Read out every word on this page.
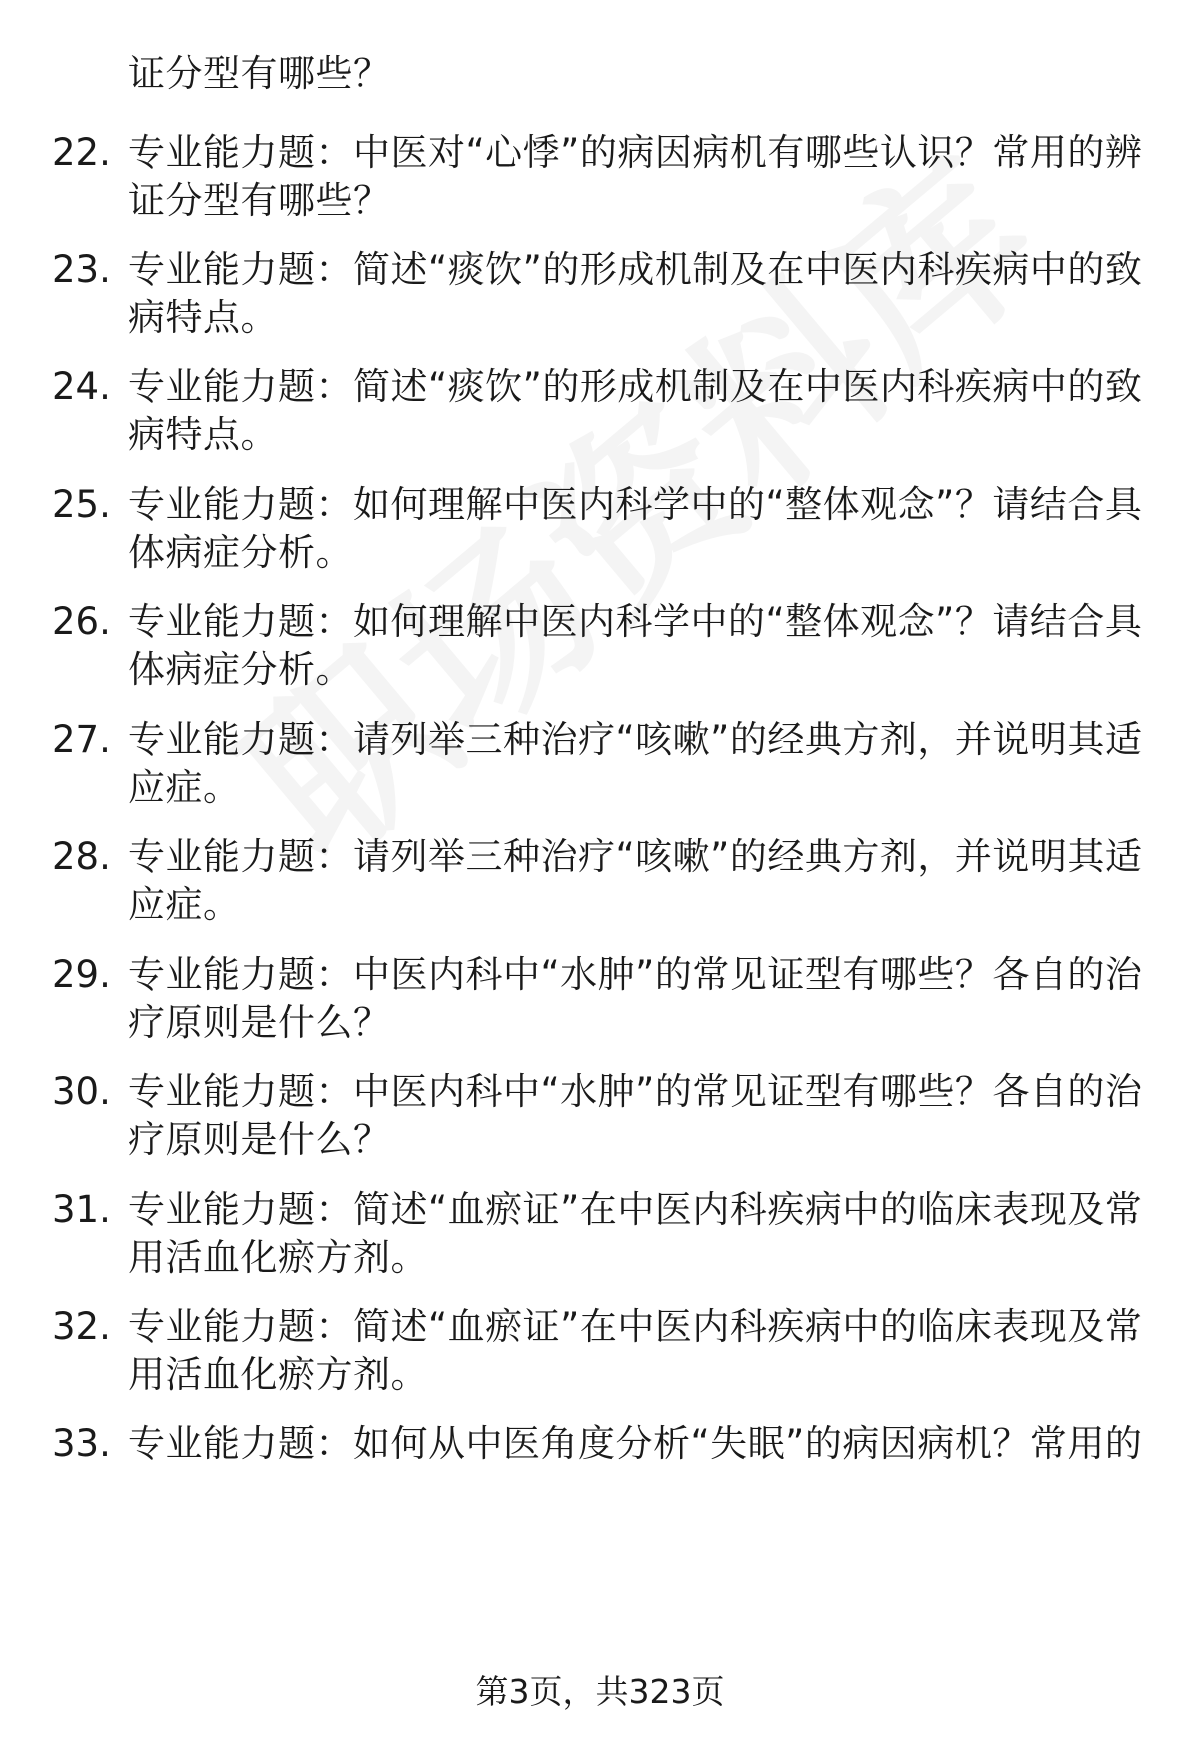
证分型有哪些？
22. 专业能力题：中医对“心悸”的病因病机有哪些认识？常用的辨
证分型有哪些？
23. 专业能力题：简述“痰饮”的形成机制及在中医内科疾病中的致
病特点。
24. 专业能力题：简述“痰饮”的形成机制及在中医内科疾病中的致
病特点。
25. 专业能力题：如何理解中医内科学中的“整体观念”？请结合具
体病症分析。
26. 专业能力题：如何理解中医内科学中的“整体观念”？请结合具
体病症分析。
27. 专业能力题：请列举三种治疗“咳嗽”的经典方剂，并说明其适
应症。
28. 专业能力题：请列举三种治疗“咳嗽”的经典方剂，并说明其适
应症。
29. 专业能力题：中医内科中“水肿”的常见证型有哪些？各自的治
疗原则是什么？
30. 专业能力题：中医内科中“水肿”的常见证型有哪些？各自的治
疗原则是什么？
31. 专业能力题：简述“血瘀证”在中医内科疾病中的临床表现及常
用活血化瘀方剂。
32. 专业能力题：简述“血瘀证”在中医内科疾病中的临床表现及常
用活血化瘀方剂。
33. 专业能力题：如何从中医角度分析“失眠”的病因病机？常用的
第3页，共323页
